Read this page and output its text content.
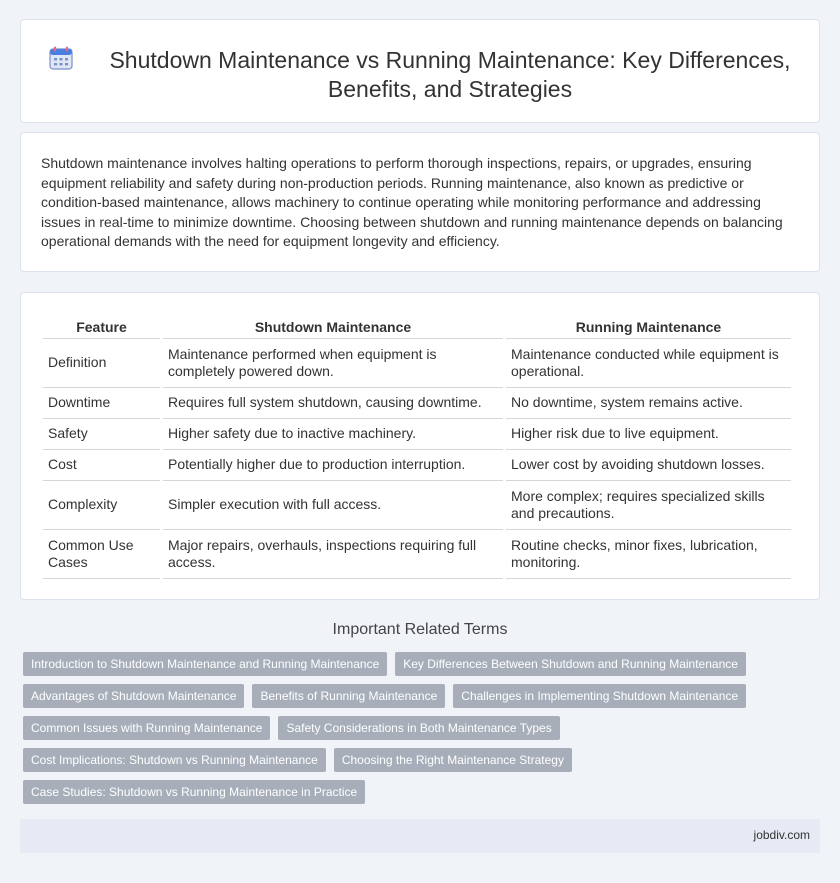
Shutdown Maintenance vs Running Maintenance: Key Differences, Benefits, and Strategies

Shutdown maintenance involves halting operations to perform thorough inspections, repairs, or upgrades, ensuring equipment reliability and safety during non-production periods. Running maintenance, also known as predictive or condition-based maintenance, allows machinery to continue operating while monitoring performance and addressing issues in real-time to minimize downtime. Choosing between shutdown and running maintenance depends on balancing operational demands with the need for equipment longevity and efficiency.

Feature	Shutdown Maintenance	Running Maintenance
Definition	Maintenance performed when equipment is completely powered down.	Maintenance conducted while equipment is operational.
Downtime	Requires full system shutdown, causing downtime.	No downtime, system remains active.
Safety	Higher safety due to inactive machinery.	Higher risk due to live equipment.
Cost	Potentially higher due to production interruption.	Lower cost by avoiding shutdown losses.
Complexity	Simpler execution with full access.	More complex; requires specialized skills and precautions.
Common Use Cases	Major repairs, overhauls, inspections requiring full access.	Routine checks, minor fixes, lubrication, monitoring.
Important Related Terms
Introduction to Shutdown Maintenance and Running Maintenance	Key Differences Between Shutdown and Running Maintenance
Advantages of Shutdown Maintenance	Benefits of Running Maintenance	Challenges in Implementing Shutdown Maintenance
Common Issues with Running Maintenance	Safety Considerations in Both Maintenance Types
Cost Implications: Shutdown vs Running Maintenance	Choosing the Right Maintenance Strategy
Case Studies: Shutdown vs Running Maintenance in Practice
jobdiv.com
